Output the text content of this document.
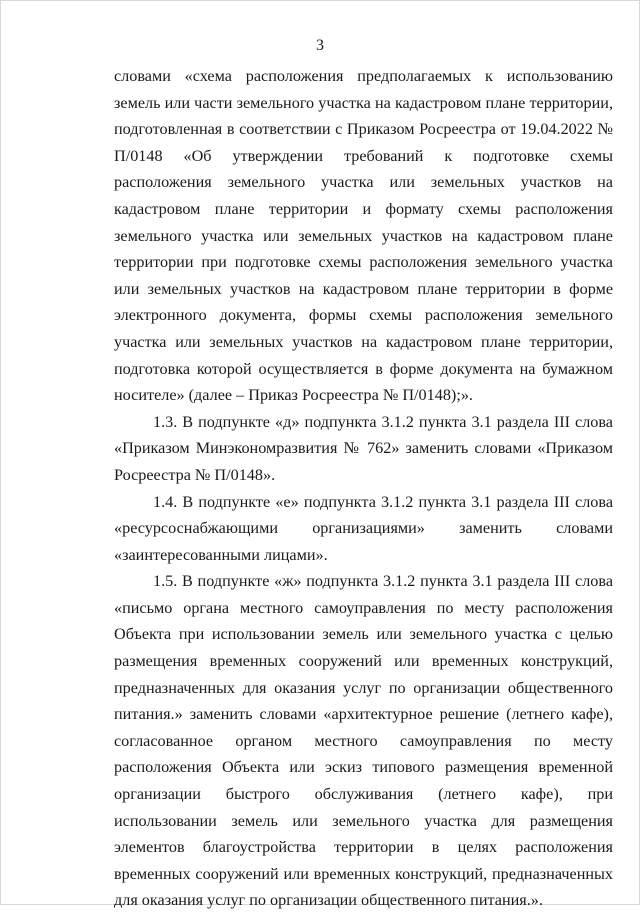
3

словами «схема расположения предполагаемых к использованию земель или части земельного участка на кадастровом плане территории, подготовленная в соответствии с Приказом Росреестра от 19.04.2022 № П/0148 «Об утверждении требований к подготовке схемы расположения земельного участка или земельных участков на кадастровом плане территории и формату схемы расположения земельного участка или земельных участков на кадастровом плане территории при подготовке схемы расположения земельного участка или земельных участков на кадастровом плане территории в форме электронного документа, формы схемы расположения земельного участка или земельных участков на кадастровом плане территории, подготовка которой осуществляется в форме документа на бумажном носителе» (далее – Приказ Росреестра № П/0148);».

1.3. В подпункте «д» подпункта 3.1.2 пункта 3.1 раздела III слова «Приказом Минэкономразвития № 762» заменить словами «Приказом Росреестра № П/0148».

1.4. В подпункте «е» подпункта 3.1.2 пункта 3.1 раздела III слова «ресурсоснабжающими организациями» заменить словами «заинтересованными лицами».

1.5. В подпункте «ж» подпункта 3.1.2 пункта 3.1 раздела III слова «письмо органа местного самоуправления по месту расположения Объекта при использовании земель или земельного участка с целью размещения временных сооружений или временных конструкций, предназначенных для оказания услуг по организации общественного питания.» заменить словами «архитектурное решение (летнего кафе), согласованное органом местного самоуправления по месту расположения Объекта или эскиз типового размещения временной организации быстрого обслуживания (летнего кафе), при использовании земель или земельного участка для размещения элементов благоустройства территории в целях расположения временных сооружений или временных конструкций, предназначенных для оказания услуг по организации общественного питания.».
